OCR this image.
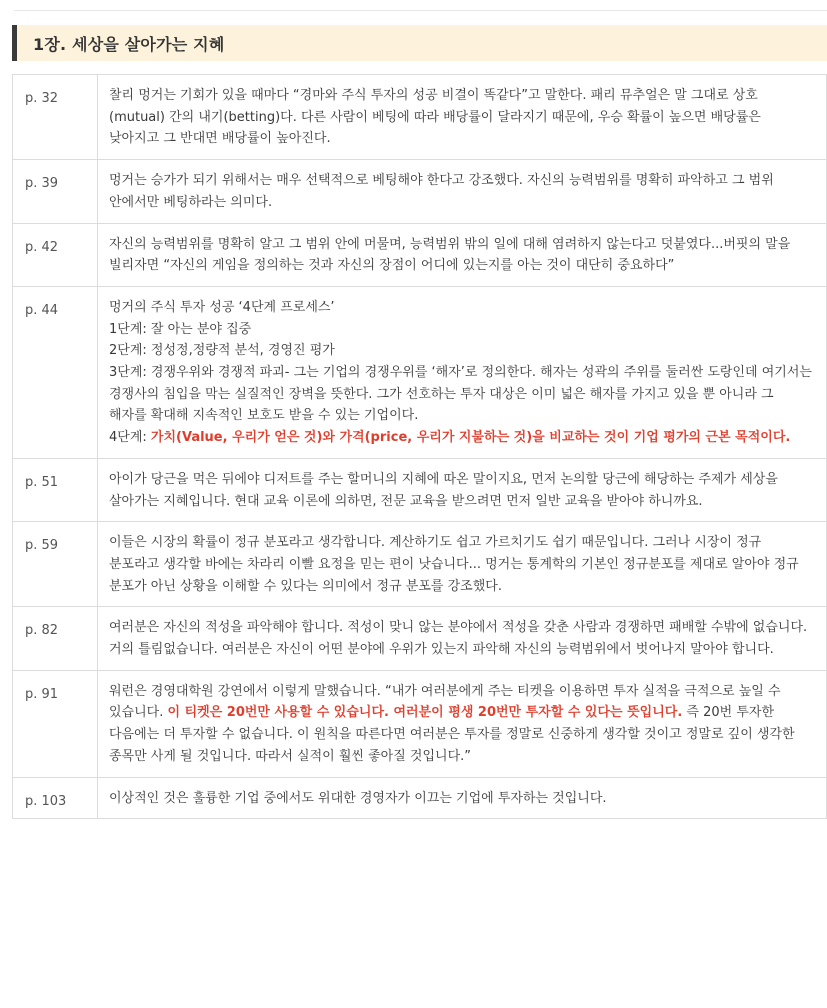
1장. 세상을 살아가는 지혜
p. 32	찰리 멍거는 기회가 있을 때마다 “경마와 주식 투자의 성공 비결이 똑같다”고 말한다. 패리 뮤추얼은 말 그대로 상호(mutual) 간의 내기(betting)다. 다른 사람이 베팅에 따라 배당률이 달라지기 때문에, 우승 확률이 높으면 배당률은 낮아지고 그 반대면 배당률이 높아진다.
p. 39	멍거는 승가가 되기 위해서는 매우 선택적으로 베팅해야 한다고 강조했다. 자신의 능력범위를 명확히 파악하고 그 범위 안에서만 베팅하라는 의미다.
p. 42	자신의 능력범위를 명확히 알고 그 범위 안에 머물며, 능력범위 밖의 일에 대해 염려하지 않는다고 덧붙였다...버핏의 말을 빌리자면 “자신의 게임을 정의하는 것과 자신의 장점이 어디에 있는지를 아는 것이 대단히 중요하다”
p. 44	멍거의 주식 투자 성공 ‘4단계 프로세스’
1단계: 잘 아는 분야 집중
2단계: 정성정,정량적 분석, 경영진 평가
3단계: 경쟁우위와 경쟁적 파괴- 그는 기업의 경쟁우위를 ‘해자’로 정의한다. 해자는 성곽의 주위를 둘러싼 도랑인데 여기서는 경쟁사의 침입을 막는 실질적인 장벽을 뜻한다. 그가 선호하는 투자 대상은 이미 넓은 해자를 가지고 있을 뿐 아니라 그 해자를 확대해 지속적인 보호도 받을 수 있는 기업이다.
4단계: 가치(Value, 우리가 얻은 것)와 가격(price, 우리가 지불하는 것)을 비교하는 것이 기업 평가의 근본 목적이다.

p. 51	아이가 당근을 먹은 뒤에야 디저트를 주는 할머니의 지혜에 따온 말이지요, 먼저 논의할 당근에 해당하는 주제가 세상을 살아가는 지혜입니다. 현대 교육 이론에 의하면, 전문 교육을 받으려면 먼저 일반 교육을 받아야 하니까요.
p. 59	이들은 시장의 확률이 정규 분포라고 생각합니다. 계산하기도 쉽고 가르치기도 쉽기 때문입니다. 그러나 시장이 정규 분포라고 생각할 바에는 차라리 이빨 요정을 믿는 편이 낫습니다... 멍거는 통계학의 기본인 정규분포를 제대로 알아야 정규 분포가 아닌 상황을 이해할 수 있다는 의미에서 정규 분포를 강조했다.
p. 82	여러분은 자신의 적성을 파악해야 합니다. 적성이 맞니 않는 분야에서 적성을 갖춘 사람과 경쟁하면 패배할 수밖에 없습니다. 거의 틀림없습니다. 여러분은 자신이 어떤 분야에 우위가 있는지 파악해 자신의 능력범위에서 벗어나지 말아야 합니다.
p. 91	워런은 경영대학원 강연에서 이렇게 말했습니다. “내가 여러분에게 주는 티켓을 이용하면 투자 실적을 극적으로 높일 수 있습니다. 이 티켓은 20번만 사용할 수 있습니다. 여러분이 평생 20번만 투자할 수 있다는 뜻입니다. 즉 20번 투자한 다음에는 더 투자할 수 없습니다. 이 원칙을 따른다면 여러분은 투자를 정말로 신중하게 생각할 것이고 정말로 깊이 생각한 종목만 사게 될 것입니다. 따라서 실적이 훨씬 좋아질 것입니다.”
p. 103	이상적인 것은 훌륭한 기업 중에서도 위대한 경영자가 이끄는 기업에 투자하는 것입니다.
